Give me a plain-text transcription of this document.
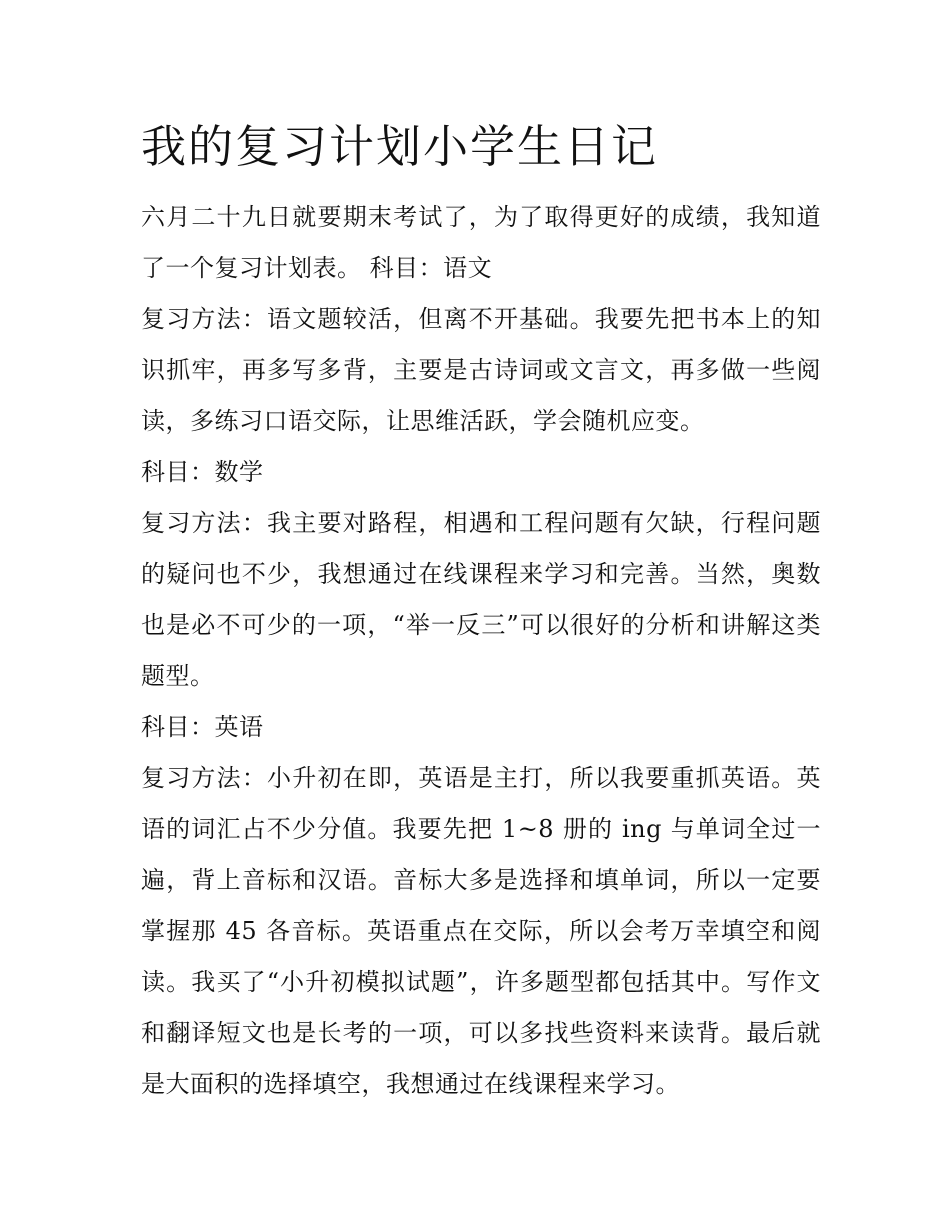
我的复习计划小学生日记

六月二十九日就要期末考试了，为了取得更好的成绩，我知道了一个复习计划表。 科目：语文

复习方法：语文题较活，但离不开基础。我要先把书本上的知识抓牢，再多写多背，主要是古诗词或文言文，再多做一些阅读，多练习口语交际，让思维活跃，学会随机应变。

科目：数学

复习方法：我主要对路程，相遇和工程问题有欠缺，行程问题的疑问也不少，我想通过在线课程来学习和完善。当然，奥数也是必不可少的一项，“举一反三”可以很好的分析和讲解这类题型。

科目：英语

复习方法：小升初在即，英语是主打，所以我要重抓英语。英语的词汇占不少分值。我要先把 1~8 册的 ing 与单词全过一遍，背上音标和汉语。音标大多是选择和填单词，所以一定要掌握那 45 各音标。英语重点在交际，所以会考万幸填空和阅读。我买了“小升初模拟试题”，许多题型都包括其中。写作文和翻译短文也是长考的一项，可以多找些资料来读背。最后就是大面积的选择填空，我想通过在线课程来学习。
